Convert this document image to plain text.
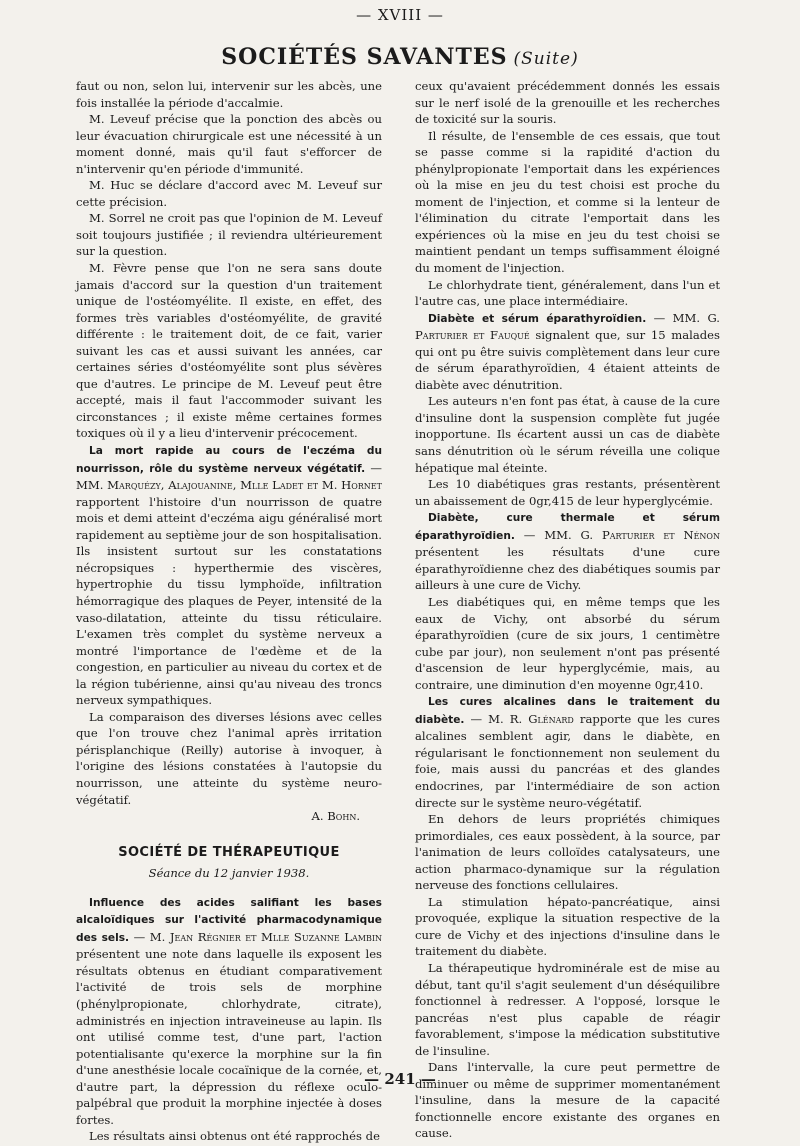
— XVIII —
SOCIÉTÉS SAVANTES (Suite)

faut ou non, selon lui, intervenir sur les abcès, une fois installée la période d'accalmie.

M. Leveuf précise que la ponction des abcès ou leur évacuation chirurgicale est une nécessité à un moment donné, mais qu'il faut s'efforcer de n'intervenir qu'en période d'immunité.

M. Huc se déclare d'accord avec M. Leveuf sur cette précision.

M. Sorrel ne croit pas que l'opinion de M. Leveuf soit toujours justifiée ; il reviendra ultérieurement sur la question.

M. Fèvre pense que l'on ne sera sans doute jamais d'accord sur la question d'un traitement unique de l'ostéomyélite. Il existe, en effet, des formes très variables d'ostéomyélite, de gravité différente : le traitement doit, de ce fait, varier suivant les cas et aussi suivant les années, car certaines séries d'ostéomyélite sont plus sévères que d'autres. Le principe de M. Leveuf peut être accepté, mais il faut l'accommoder suivant les circonstances ; il existe même certaines formes toxiques où il y a lieu d'intervenir précocement.

La mort rapide au cours de l'eczéma du nourrisson, rôle du système nerveux végétatif. — MM. Marquézy, Alajouanine, Mlle Ladet et M. Hornet rapportent l'histoire d'un nourrisson de quatre mois et demi atteint d'eczéma aigu généralisé mort rapidement au septième jour de son hospitalisation. Ils insistent surtout sur les constatations nécropsiques : hyperthermie des viscères, hypertrophie du tissu lymphoïde, infiltration hémorragique des plaques de Peyer, intensité de la vaso-dilatation, atteinte du tissu réticulaire. L'examen très complet du système nerveux a montré l'importance de l'œdème et de la congestion, en particulier au niveau du cortex et de la région tubérienne, ainsi qu'au niveau des troncs nerveux sympathiques.

La comparaison des diverses lésions avec celles que l'on trouve chez l'animal après irritation périsplanchique (Reilly) autorise à invoquer, à l'origine des lésions constatées à l'autopsie du nourrisson, une atteinte du système neuro-végétatif.

A. Bohn.

SOCIÉTÉ DE THÉRAPEUTIQUE
Séance du 12 janvier 1938.

Influence des acides salifiant les bases alcaloïdiques sur l'activité pharmacodynamique des sels. — M. Jean Régnier et Mlle Suzanne Lambin présentent une note dans laquelle ils exposent les résultats obtenus en étudiant comparativement l'activité de trois sels de morphine (phénylpropionate, chlorhydrate, citrate), administrés en injection intraveineuse au lapin. Ils ont utilisé comme test, d'une part, l'action potentialisante qu'exerce la morphine sur la fin d'une anesthésie locale cocaïnique de la cornée, et, d'autre part, la dépression du réflexe oculo-palpébral que produit la morphine injectée à doses fortes.

Les résultats ainsi obtenus ont été rapprochés de

ceux qu'avaient précédemment donnés les essais sur le nerf isolé de la grenouille et les recherches de toxicité sur la souris.

Il résulte, de l'ensemble de ces essais, que tout se passe comme si la rapidité d'action du phénylpropionate l'emportait dans les expériences où la mise en jeu du test choisi est proche du moment de l'injection, et comme si la lenteur de l'élimination du citrate l'emportait dans les expériences où la mise en jeu du test choisi se maintient pendant un temps suffisamment éloigné du moment de l'injection.

Le chlorhydrate tient, généralement, dans l'un et l'autre cas, une place intermédiaire.

Diabète et sérum éparathyroïdien. — MM. G. Parturier et Fauqué signalent que, sur 15 malades qui ont pu être suivis complètement dans leur cure de sérum éparathyroïdien, 4 étaient atteints de diabète avec dénutrition.

Les auteurs n'en font pas état, à cause de la cure d'insuline dont la suspension complète fut jugée inopportune. Ils écartent aussi un cas de diabète sans dénutrition où le sérum réveilla une colique hépatique mal éteinte.

Les 10 diabétiques gras restants, présentèrent un abaissement de 0gr,415 de leur hyperglycémie.

Diabète, cure thermale et sérum éparathyroïdien. — MM. G. Parturier et Nénon présentent les résultats d'une cure éparathyroïdienne chez des diabétiques soumis par ailleurs à une cure de Vichy.

Les diabétiques qui, en même temps que les eaux de Vichy, ont absorbé du sérum éparathyroïdien (cure de six jours, 1 centimètre cube par jour), non seulement n'ont pas présenté d'ascension de leur hyperglycémie, mais, au contraire, une diminution d'en moyenne 0gr,410.

Les cures alcalines dans le traitement du diabète. — M. R. Glénard rapporte que les cures alcalines semblent agir, dans le diabète, en régularisant le fonctionnement non seulement du foie, mais aussi du pancréas et des glandes endocrines, par l'intermédiaire de son action directe sur le système neuro-végétatif.

En dehors de leurs propriétés chimiques primordiales, ces eaux possèdent, à la source, par l'animation de leurs colloïdes catalysateurs, une action pharmaco-dynamique sur la régulation nerveuse des fonctions cellulaires.

La stimulation hépato-pancréatique, ainsi provoquée, explique la situation respective de la cure de Vichy et des injections d'insuline dans le traitement du diabète.

La thérapeutique hydrominérale est de mise au début, tant qu'il s'agit seulement d'un déséquilibre fonctionnel à redresser. A l'opposé, lorsque le pancréas n'est plus capable de réagir favorablement, s'impose la médication substitutive de l'insuline.

Dans l'intervalle, la cure peut permettre de diminuer ou même de supprimer momentanément l'insuline, dans la mesure de la capacité fonctionnelle encore existante des organes en cause.

— 241 —
